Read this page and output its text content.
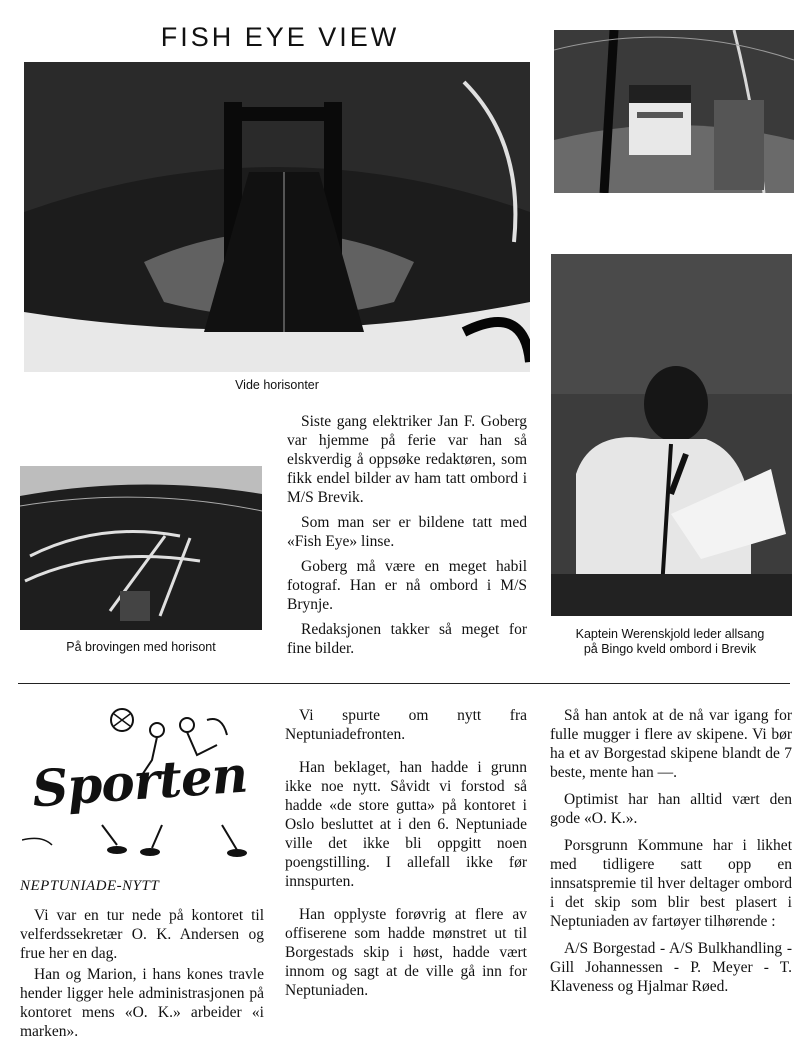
FISH EYE VIEW
Vide horisonter

Siste gang elektriker Jan F. Goberg var hjemme på ferie var han så elskverdig å oppsøke redaktøren, som fikk endel bilder av ham tatt ombord i M/S Brevik.

Som man ser er bildene tatt med «Fish Eye» linse.

Goberg må være en meget habil fotograf. Han er nå ombord i M/S Brynje.

Redaksjonen takker så meget for fine bilder.

På brovingen med horisont
Kaptein Werenskjold leder allsang
på Bingo kveld ombord i Brevik
Sporten
NEPTUNIADE-NYTT

Vi var en tur nede på kontoret til velferdssekretær O. K. Andersen og frue her en dag.

Han og Marion, i hans kones travle hender ligger hele administrasjonen på kontoret mens «O. K.» arbeider «i marken».

Vi spurte om nytt fra Neptuniadefronten.

Han beklaget, han hadde i grunn ikke noe nytt. Såvidt vi forstod så hadde «de store gutta» på kontoret i Oslo besluttet at i den 6. Neptuniade ville det ikke bli oppgitt noen poengstilling. I allefall ikke før innspurten.

Han opplyste forøvrig at flere av offiserene som hadde mønstret ut til Borgestads skip i høst, hadde vært innom og sagt at de ville gå inn for Neptuniaden.

Så han antok at de nå var igang for fulle mugger i flere av skipene. Vi bør ha et av Borgestad skipene blandt de 7 beste, mente han —.

Optimist har han alltid vært den gode «O. K.».

Porsgrunn Kommune har i likhet med tidligere satt opp en innsatspremie til hver deltager ombord i det skip som blir best plasert i Neptuniaden av fartøyer tilhørende :

A/S Borgestad - A/S Bulkhandling - Gill Johannessen - P. Meyer - T. Klaveness og Hjalmar Røed.
